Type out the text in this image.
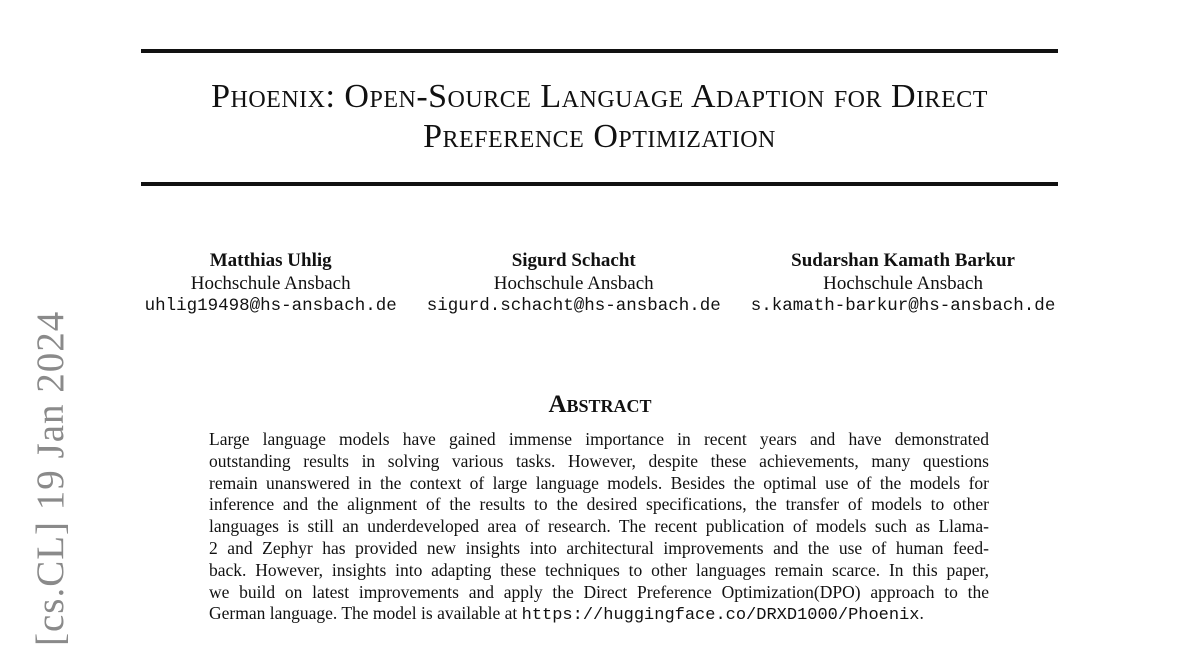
[cs.CL] 19 Jan 2024
Phoenix: Open-Source Language Adaption for Direct
Preference Optimization
Matthias Uhlig
Hochschule Ansbach
uhlig19498@hs-ansbach.de
Sigurd Schacht
Hochschule Ansbach
sigurd.schacht@hs-ansbach.de
Sudarshan Kamath Barkur
Hochschule Ansbach
s.kamath-barkur@hs-ansbach.de
Abstract
Large language models have gained immense importance in recent years and have demonstrated
outstanding results in solving various tasks. However, despite these achievements, many questions
remain unanswered in the context of large language models. Besides the optimal use of the models for
inference and the alignment of the results to the desired specifications, the transfer of models to other
languages is still an underdeveloped area of research. The recent publication of models such as Llama-
2 and Zephyr has provided new insights into architectural improvements and the use of human feed-
back. However, insights into adapting these techniques to other languages remain scarce. In this paper,
we build on latest improvements and apply the Direct Preference Optimization(DPO) approach to the
German language. The model is available at https://huggingface.co/DRXD1000/Phoenix.
